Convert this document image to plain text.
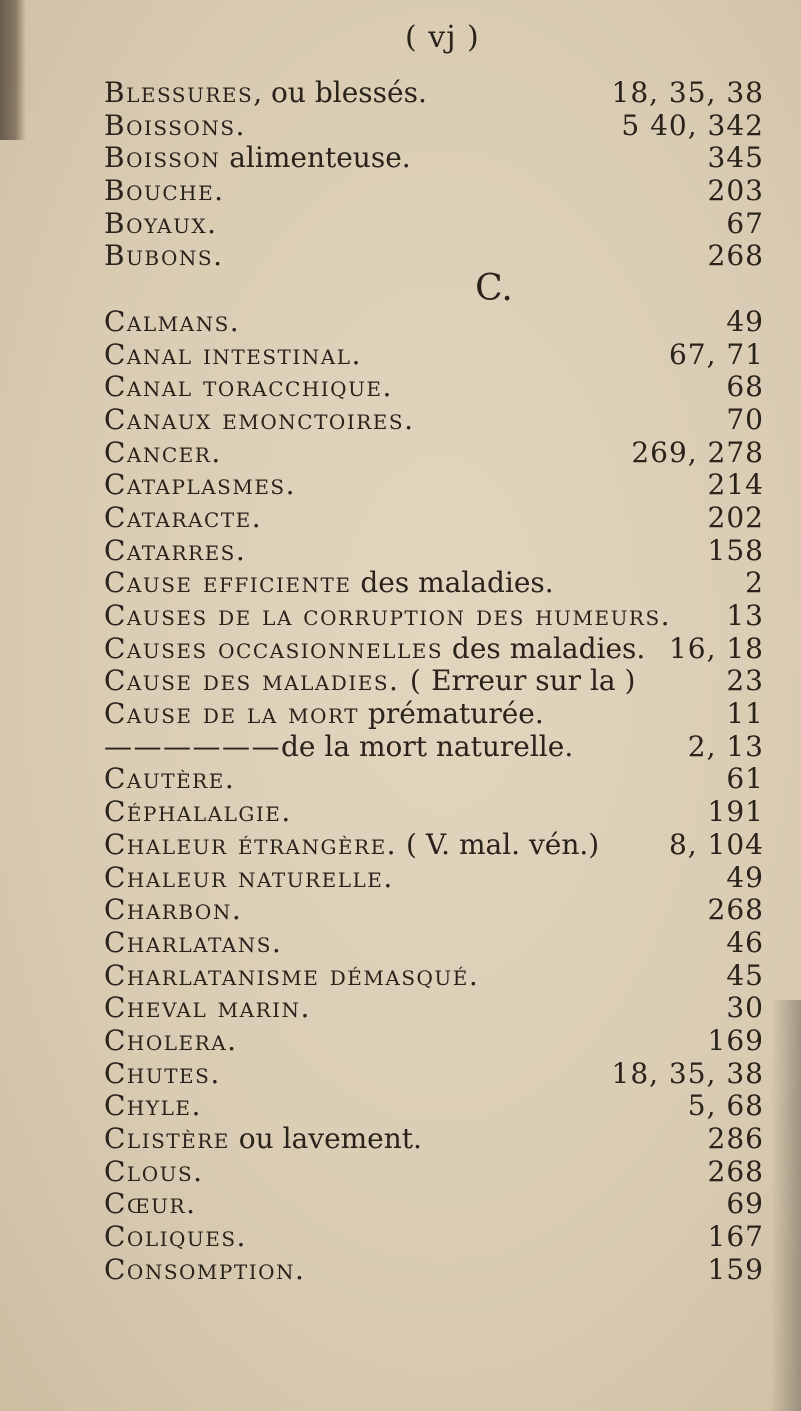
( vj )
Blessures, ou blessés.	18, 35, 38
Boissons.	5 40, 342
Boisson alimenteuse.	345
Bouche.	203
Boyaux.	67
Bubons.	268
C.
Calmans.	49
Canal intestinal.	67, 71
Canal toracchique.	68
Canaux emonctoires.	70
Cancer.	269, 278
Cataplasmes.	214
Cataracte.	202
Catarres.	158
Cause efficiente des maladies.	2
Causes de la corruption des humeurs. 13
Causes occasionnelles des maladies. 16, 18
Cause des maladies. ( Erreur sur la )	23
Cause de la mort prématurée.	11
——————de la mort naturelle.	2, 13
Cautère.	61
Céphalalgie.	191
Chaleur étrangère. ( V. mal. vén.) 8, 104
Chaleur naturelle.	49
Charbon.	268
Charlatans.	46
Charlatanisme démasqué.	45
Cheval marin.	30
Cholera.	169
Chutes.	18, 35, 38
Chyle.	5, 68
Clistère ou lavement.	286
Clous.	268
Cœur.	69
Coliques.	167
Consomption.	159
